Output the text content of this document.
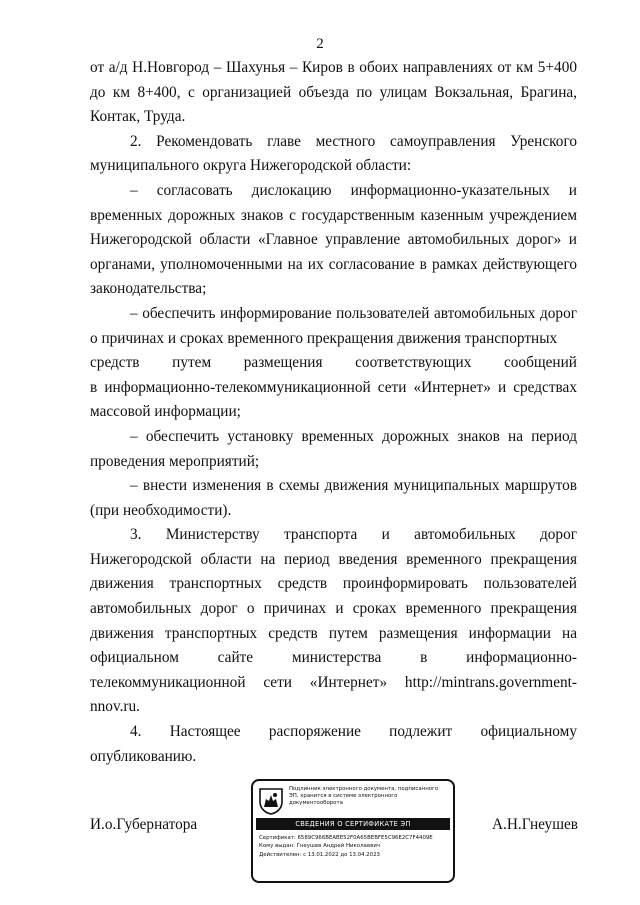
2

от а/д Н.Новгород – Шахунья – Киров в обоих направлениях от км 5+400 до км 8+400, с организацией объезда по улицам Вокзальная, Брагина, Контак, Труда.

2. Рекомендовать главе местного самоуправления Уренского муниципального округа Нижегородской области:

– согласовать дислокацию информационно-указательных и временных дорожных знаков с государственным казенным учреждением Нижегородской области «Главное управление автомобильных дорог» и органами, уполномоченными на их согласование в рамках действующего законодательства;

– обеспечить информирование пользователей автомобильных дорог о причинах и сроках временного прекращения движения транспортных

средств путем размещения соответствующих сообщений

в информационно-телекоммуникационной сети «Интернет» и средствах массовой информации;

– обеспечить установку временных дорожных знаков на период проведения мероприятий;

– внести изменения в схемы движения муниципальных маршрутов (при необходимости).

3. Министерству транспорта и автомобильных дорог Нижегородской области на период введения временного прекращения движения транспортных средств проинформировать пользователей автомобильных дорог о причинах и сроках временного прекращения движения транспортных средств путем размещения информации на официальном сайте министерства в информационно-телекоммуникационной сети «Интернет» http://mintrans.government-nnov.ru.

4. Настоящее распоряжение подлежит официальному опубликованию.

И.о.Губернатора	А.Н.Гнеушев
Подлинник электронного документа, подписанного ЭП, хранится в системе электронного документооборота
СВЕДЕНИЯ О СЕРТИФИКАТЕ ЭП
Сертификат: 6589C966BEABE52F0A65BEBFE5C96E2C7F4409E
Кому выдан: Гнеушев Андрей Николаевич
Действителен: с 13.01.2022 до 13.04.2023
